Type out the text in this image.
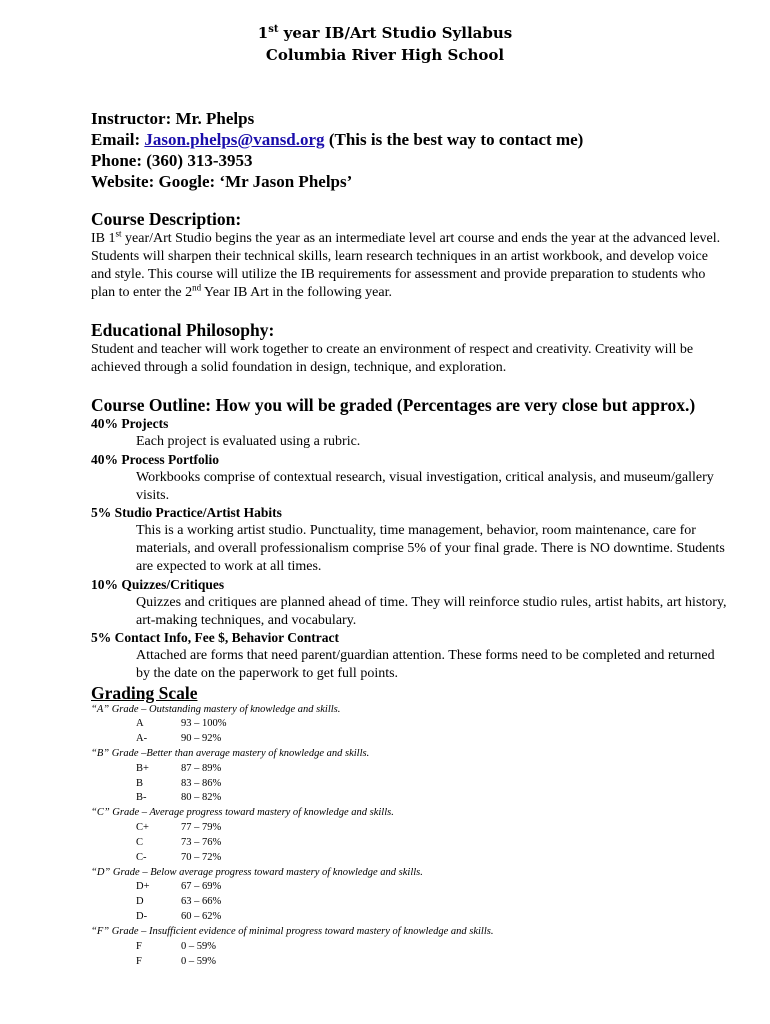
1st year IB/Art Studio Syllabus
Columbia River High School
Instructor: Mr. Phelps
Email: Jason.phelps@vansd.org (This is the best way to contact me)
Phone: (360) 313-3953
Website: Google: ‘Mr Jason Phelps’
Course Description:
IB 1st year/Art Studio begins the year as an intermediate level art course and ends the year at the advanced level. Students will sharpen their technical skills, learn research techniques in an artist workbook, and develop voice and style. This course will utilize the IB requirements for assessment and provide preparation to students who plan to enter the 2nd Year IB Art in the following year.
Educational Philosophy:
Student and teacher will work together to create an environment of respect and creativity. Creativity will be achieved through a solid foundation in design, technique, and exploration.
Course Outline: How you will be graded (Percentages are very close but approx.)
40% Projects
Each project is evaluated using a rubric.
40% Process Portfolio
Workbooks comprise of contextual research, visual investigation, critical analysis, and museum/gallery visits.
5% Studio Practice/Artist Habits
This is a working artist studio. Punctuality, time management, behavior, room maintenance, care for materials, and overall professionalism comprise 5% of your final grade. There is NO downtime. Students are expected to work at all times.
10% Quizzes/Critiques
Quizzes and critiques are planned ahead of time. They will reinforce studio rules, artist habits, art history, art-making techniques, and vocabulary.
5% Contact Info, Fee $, Behavior Contract
Attached are forms that need parent/guardian attention. These forms need to be completed and returned by the date on the paperwork to get full points.
Grading Scale
“A” Grade – Outstanding mastery of knowledge and skills.
A	93 – 100%
A-	90 – 92%
“B” Grade –Better than average mastery of knowledge and skills.
B+	87 – 89%
B	83 – 86%
B-	80 – 82%
“C” Grade – Average progress toward mastery of knowledge and skills.
C+	77 – 79%
C	73 – 76%
C-	70 – 72%
“D” Grade – Below average progress toward mastery of knowledge and skills.
D+	67 – 69%
D	63 – 66%
D-	60 – 62%
“F” Grade – Insufficient evidence of minimal progress toward mastery of knowledge and skills.
F	0 – 59%
F	0 – 59%
